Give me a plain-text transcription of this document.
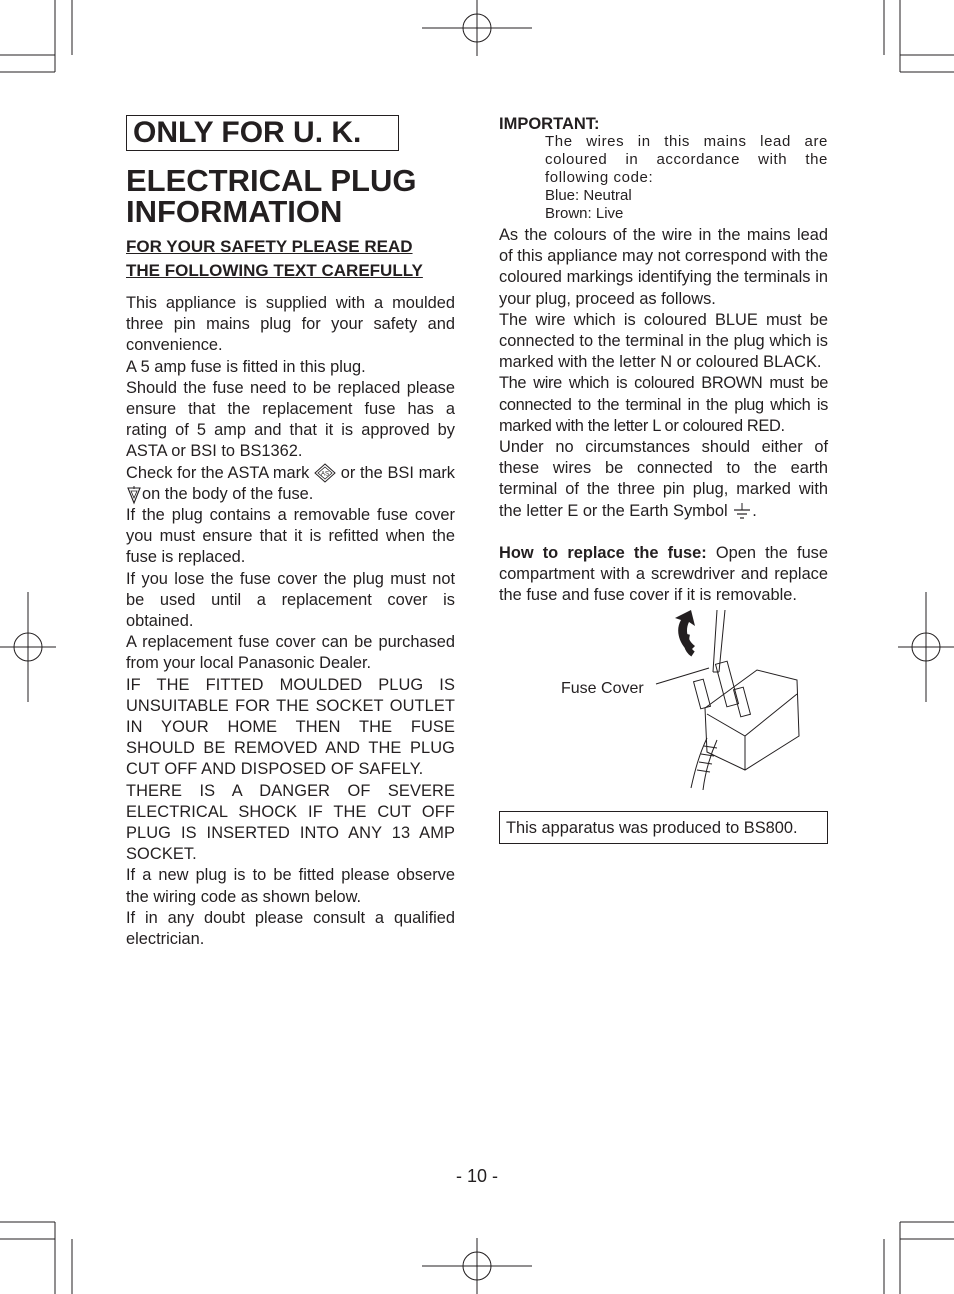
ONLY FOR U. K.
ELECTRICAL PLUG
INFORMATION
FOR YOUR SAFETY PLEASE READ
THE FOLLOWING TEXT CAREFULLY

This appliance is supplied with a moulded three pin mains plug for your safety and convenience.

A 5 amp fuse is fitted in this plug.

Should the fuse need to be replaced please ensure that the replacement fuse has a rating of 5 amp and that it is approved by ASTA or BSI to BS1362.

Check for the ASTA mark AS or the BSI markon the body of the fuse.

If the plug contains a removable fuse cover you must ensure that it is refitted when the fuse is replaced.

If you lose the fuse cover the plug must not be used until a replacement cover is obtained.

A replacement fuse cover can be purchased from your local Panasonic Dealer.

IF THE FITTED MOULDED PLUG IS UNSUITABLE FOR THE SOCKET OUTLET IN YOUR HOME THEN THE FUSE SHOULD BE REMOVED AND THE PLUG CUT OFF AND DISPOSED OF SAFELY.

THERE IS A DANGER OF SEVERE ELECTRICAL SHOCK IF THE CUT OFF PLUG IS INSERTED INTO ANY 13 AMP SOCKET.

If a new plug is to be fitted please observe the wiring code as shown below.

If in any doubt please consult a qualified electrician.

IMPORTANT:

The wires in this mains lead are coloured in accordance with the following code:

Blue: Neutral

Brown: Live

As the colours of the wire in the mains lead of this appliance may not correspond with the coloured markings identifying the terminals in your plug, proceed as follows.

The wire which is coloured BLUE must be connected to the terminal in the plug which is marked with the letter N or coloured BLACK.

The wire which is coloured BROWN must be connected to the terminal in the plug which is marked with the letter L or coloured RED.

Under no circumstances should either of these wires be connected to the earth terminal of the three pin plug, marked with the letter E or the Earth Symbol .

How to replace the fuse: Open the fuse compartment with a screwdriver and replace the fuse and fuse cover if it is removable.

Fuse Cover
This apparatus was produced to BS800.
- 10 -
